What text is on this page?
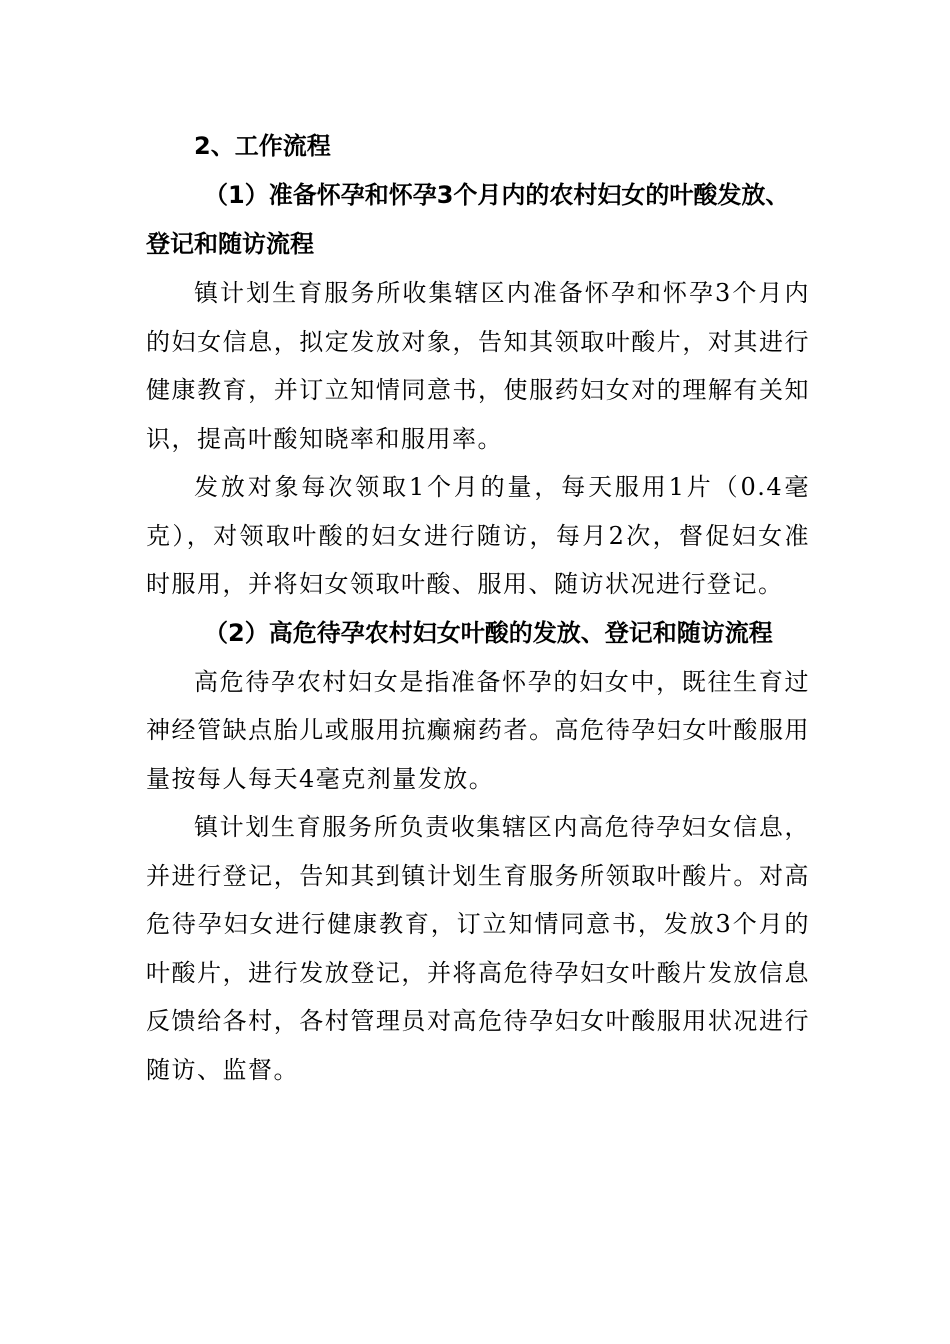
2、工作流程

（1）准备怀孕和怀孕3个月内的农村妇女的叶酸发放、登记和随访流程

镇计划生育服务所收集辖区内准备怀孕和怀孕3个月内的妇女信息，拟定发放对象，告知其领取叶酸片，对其进行健康教育，并订立知情同意书，使服药妇女对的理解有关知识，提高叶酸知晓率和服用率。

发放对象每次领取1个月的量，每天服用1片（0.4毫克），对领取叶酸的妇女进行随访，每月2次，督促妇女准时服用，并将妇女领取叶酸、服用、随访状况进行登记。

（2）高危待孕农村妇女叶酸的发放、登记和随访流程

高危待孕农村妇女是指准备怀孕的妇女中，既往生育过神经管缺点胎儿或服用抗癫痫药者。高危待孕妇女叶酸服用量按每人每天4毫克剂量发放。

镇计划生育服务所负责收集辖区内高危待孕妇女信息，并进行登记，告知其到镇计划生育服务所领取叶酸片。对高危待孕妇女进行健康教育，订立知情同意书，发放3个月的叶酸片，进行发放登记，并将高危待孕妇女叶酸片发放信息反馈给各村，各村管理员对高危待孕妇女叶酸服用状况进行随访、监督。
